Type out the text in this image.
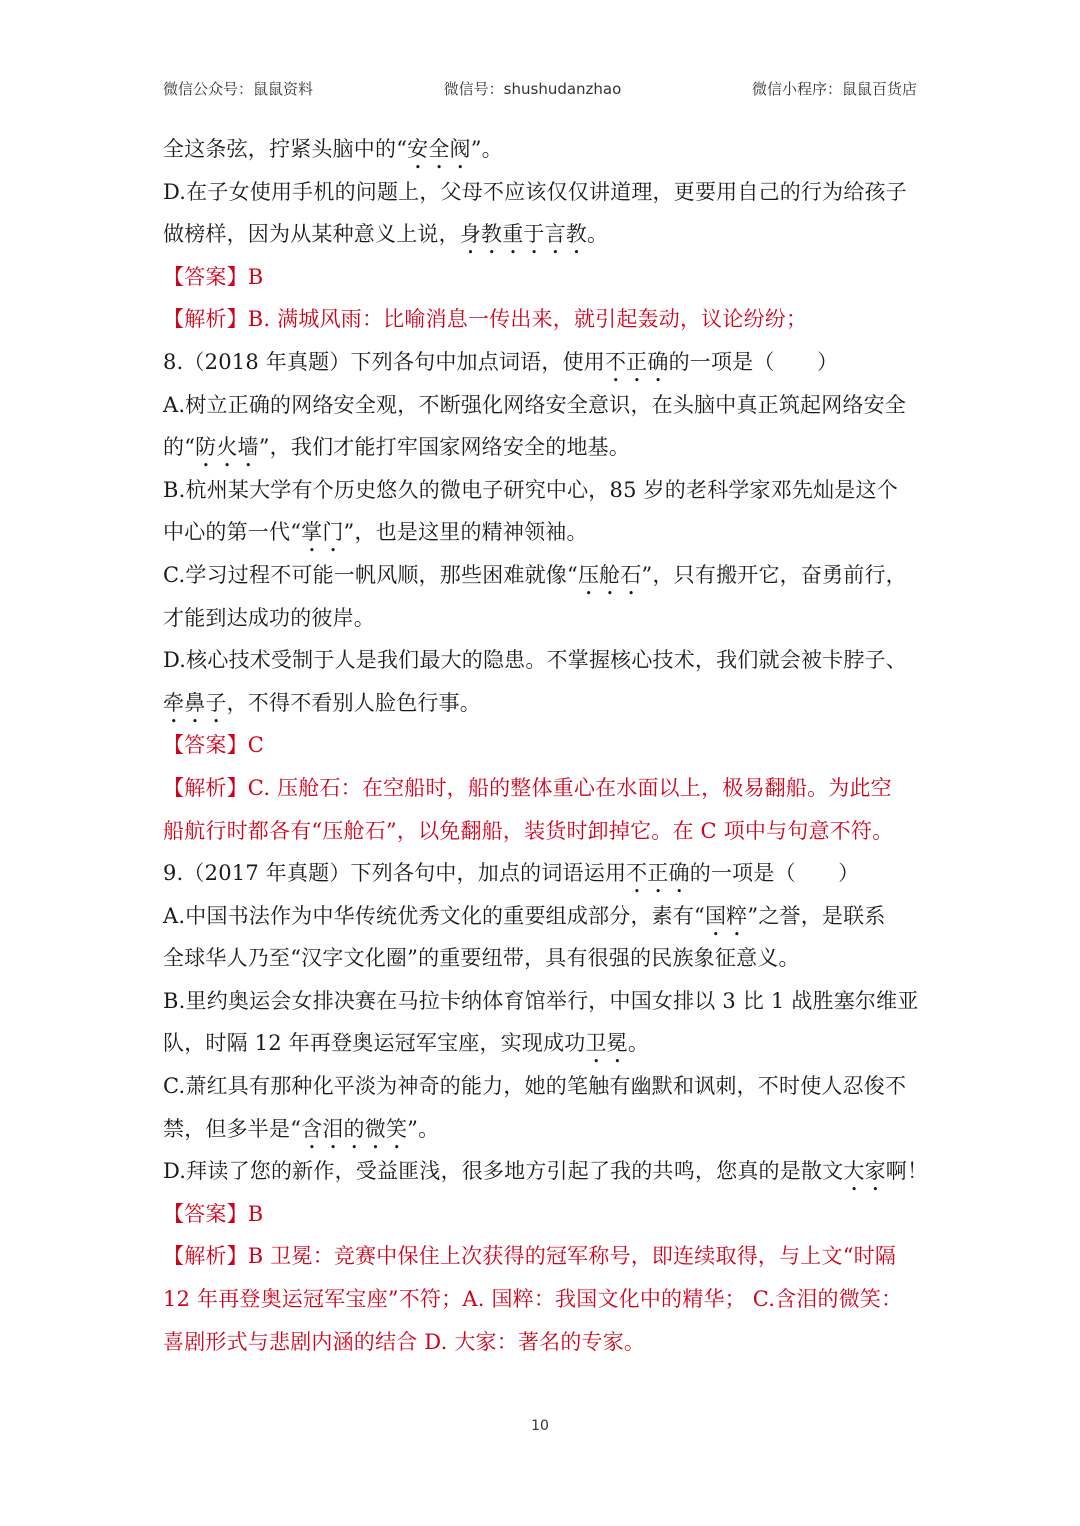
微信公众号：鼠鼠资料	微信号：shushudanzhao	微信小程序：鼠鼠百货店
全这条弦，拧紧头脑中的“安全阀”。
D.在子女使用手机的问题上，父母不应该仅仅讲道理，更要用自己的行为给孩子
做榜样，因为从某种意义上说，身教重于言教。
【答案】B
【解析】B. 满城风雨：比喻消息一传出来，就引起轰动，议论纷纷；
8.（2018 年真题）下列各句中加点词语，使用不正确的一项是（　　）
A.树立正确的网络安全观，不断强化网络安全意识，在头脑中真正筑起网络安全
的“防火墙”，我们才能打牢国家网络安全的地基。
B.杭州某大学有个历史悠久的微电子研究中心，85 岁的老科学家邓先灿是这个
中心的第一代“掌门”，也是这里的精神领袖。
C.学习过程不可能一帆风顺，那些困难就像“压舱石”，只有搬开它，奋勇前行，
才能到达成功的彼岸。
D.核心技术受制于人是我们最大的隐患。不掌握核心技术，我们就会被卡脖子、
牵鼻子，不得不看别人脸色行事。
【答案】C
【解析】C. 压舱石：在空船时，船的整体重心在水面以上，极易翻船。为此空
船航行时都各有“压舱石”，以免翻船，装货时卸掉它。在 C 项中与句意不符。
9.（2017 年真题）下列各句中，加点的词语运用不正确的一项是（　　）
A.中国书法作为中华传统优秀文化的重要组成部分，素有“国粹”之誉，是联系
全球华人乃至“汉字文化圈”的重要纽带，具有很强的民族象征意义。
B.里约奥运会女排决赛在马拉卡纳体育馆举行，中国女排以 3 比 1 战胜塞尔维亚
队，时隔 12 年再登奥运冠军宝座，实现成功卫冕。
C.萧红具有那种化平淡为神奇的能力，她的笔触有幽默和讽刺，不时使人忍俊不
禁，但多半是“含泪的微笑”。
D.拜读了您的新作，受益匪浅，很多地方引起了我的共鸣，您真的是散文大家啊！
【答案】B
【解析】B 卫冕：竞赛中保住上次获得的冠军称号，即连续取得，与上文“时隔
12 年再登奥运冠军宝座”不符；A. 国粹：我国文化中的精华； C.含泪的微笑：
喜剧形式与悲剧内涵的结合 D. 大家：著名的专家。
10
